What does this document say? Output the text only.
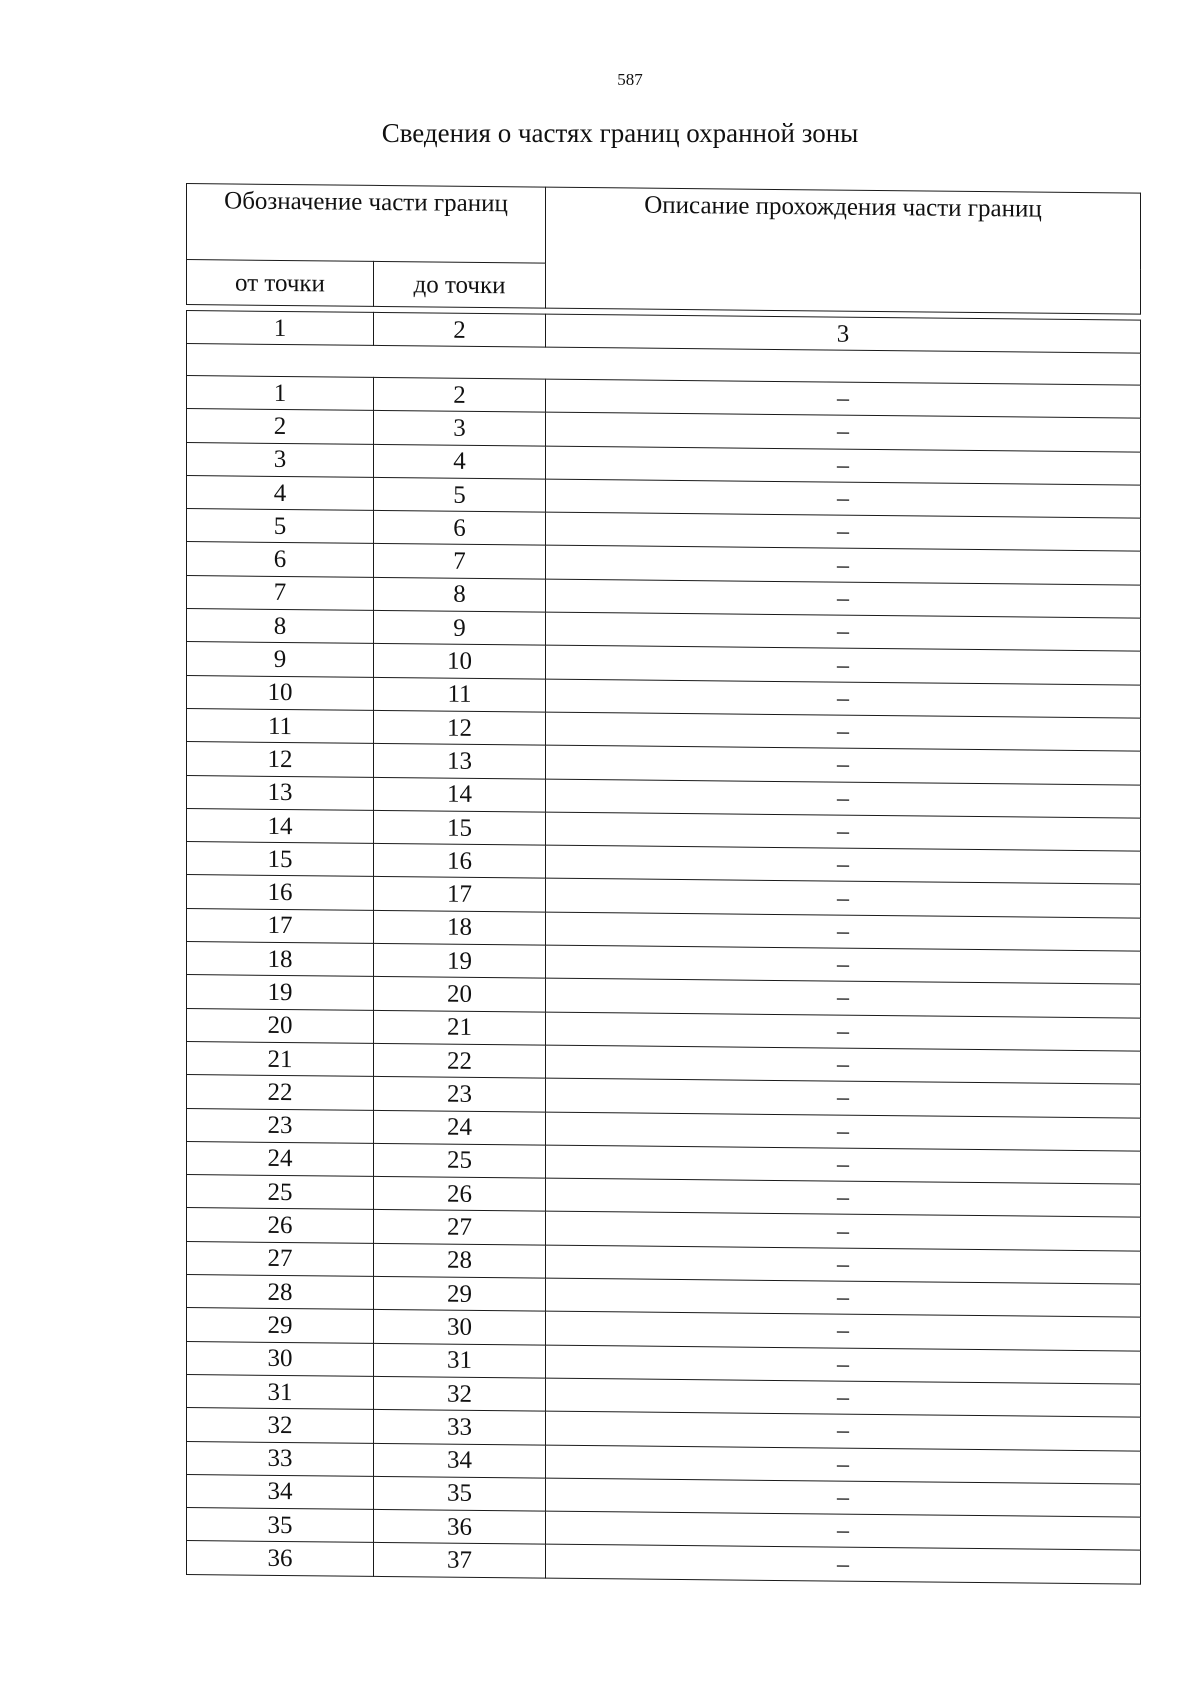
587
Сведения о частях границ охранной зоны
Обозначение части границ		Описание прохождения части границ
от точки	до точки	

1	2	3

1	2	–
2	3	–
3	4	–
4	5	–
5	6	–
6	7	–
7	8	–
8	9	–
9	10	–
10	11	–
11	12	–
12	13	–
13	14	–
14	15	–
15	16	–
16	17	–
17	18	–
18	19	–
19	20	–
20	21	–
21	22	–
22	23	–
23	24	–
24	25	–
25	26	–
26	27	–
27	28	–
28	29	–
29	30	–
30	31	–
31	32	–
32	33	–
33	34	–
34	35	–
35	36	–
36	37	–
